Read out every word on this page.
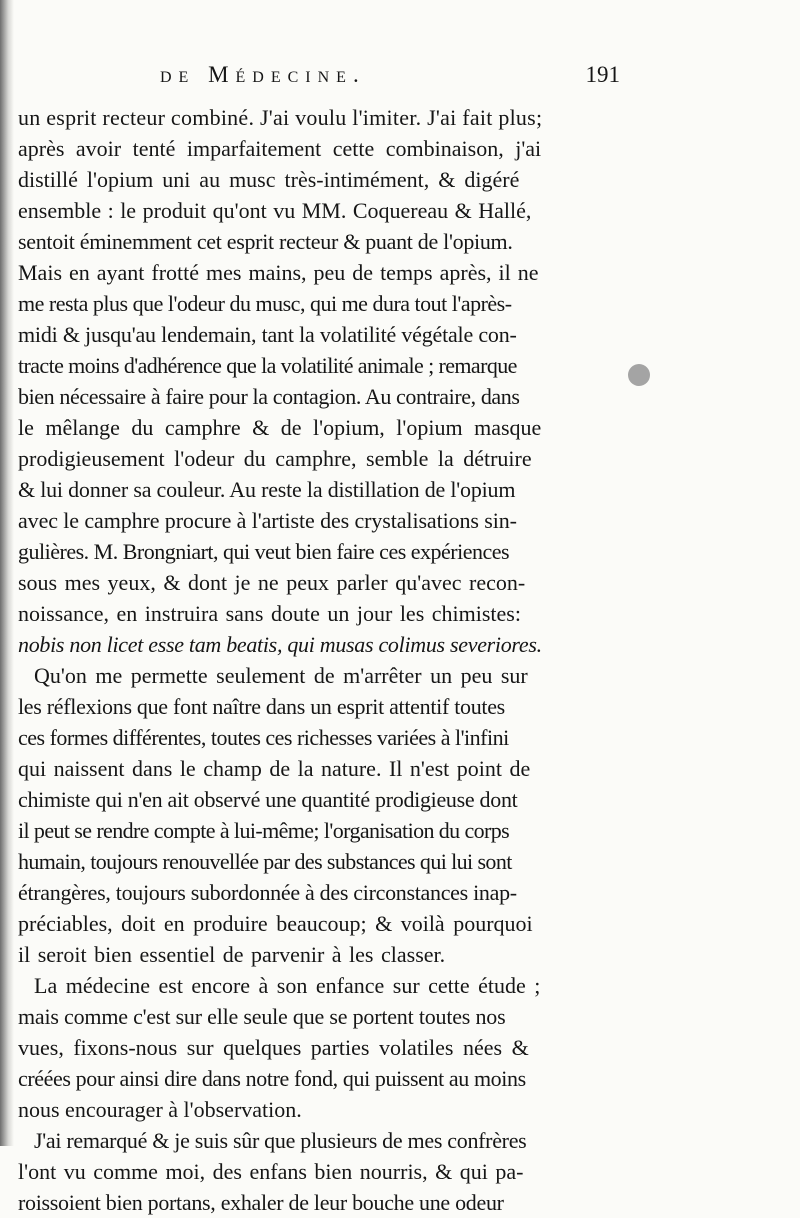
de Médecine.	191
un esprit recteur combiné. J'ai voulu l'imiter. J'ai fait plus;
après avoir tenté imparfaitement cette combinaison, j'ai
distillé l'opium uni au musc très-intimément, & digéré
ensemble : le produit qu'ont vu MM. Coquereau & Hallé,
sentoit éminemment cet esprit recteur & puant de l'opium.
Mais en ayant frotté mes mains, peu de temps après, il ne
me resta plus que l'odeur du musc, qui me dura tout l'après-
midi & jusqu'au lendemain, tant la volatilité végétale con-
tracte moins d'adhérence que la volatilité animale ; remarque
bien nécessaire à faire pour la contagion. Au contraire, dans
le mêlange du camphre & de l'opium, l'opium masque
prodigieusement l'odeur du camphre, semble la détruire
& lui donner sa couleur. Au reste la distillation de l'opium
avec le camphre procure à l'artiste des crystalisations sin-
gulières. M. Brongniart, qui veut bien faire ces expériences
sous mes yeux, & dont je ne peux parler qu'avec recon-
noissance, en instruira sans doute un jour les chimistes:
nobis non licet esse tam beatis, qui musas colimus severiores.
Qu'on me permette seulement de m'arrêter un peu sur
les réflexions que font naître dans un esprit attentif toutes
ces formes différentes, toutes ces richesses variées à l'infini
qui naissent dans le champ de la nature. Il n'est point de
chimiste qui n'en ait observé une quantité prodigieuse dont
il peut se rendre compte à lui-même; l'organisation du corps
humain, toujours renouvellée par des substances qui lui sont
étrangères, toujours subordonnée à des circonstances inap-
préciables, doit en produire beaucoup; & voilà pourquoi
il seroit bien essentiel de parvenir à les classer.
La médecine est encore à son enfance sur cette étude ;
mais comme c'est sur elle seule que se portent toutes nos
vues, fixons-nous sur quelques parties volatiles nées &
créées pour ainsi dire dans notre fond, qui puissent au moins
nous encourager à l'observation.
J'ai remarqué & je suis sûr que plusieurs de mes confrères
l'ont vu comme moi, des enfans bien nourris, & qui pa-
roissoient bien portans, exhaler de leur bouche une odeur
